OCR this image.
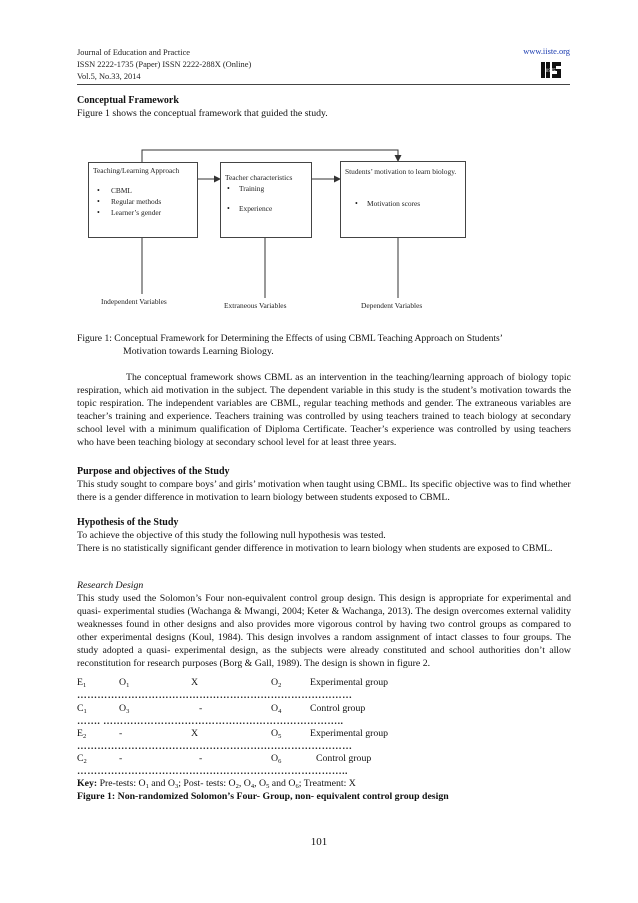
Journal of Education and Practice
ISSN 2222-1735 (Paper) ISSN 2222-288X (Online)
Vol.5, No.33, 2014
www.iiste.org
IISTE
Conceptual Framework
Figure 1 shows the conceptual framework that guided the study.
Teaching/Learning Approach
• CBML
• Regular methods
• Learner’s gender
Teacher characteristics
• Training
• Experience
Students’ motivation to learn biology.
• Motivation scores
Independent Variables	Extraneous Variables	Dependent Variables
Figure 1: Conceptual Framework for Determining the Effects of using CBML Teaching Approach on Students’
Motivation towards Learning Biology.
The conceptual framework shows CBML as an intervention in the teaching/learning approach of biology topic respiration, which aid motivation in the subject. The dependent variable in this study is the student’s motivation towards the topic respiration. The independent variables are CBML, regular teaching methods and gender. The extraneous variables are teacher’s training and experience. Teachers training was controlled by using teachers trained to teach biology at secondary school level with a minimum qualification of Diploma Certificate. Teacher’s experience was controlled by using teachers who have been teaching biology at secondary school level for at least three years.
Purpose and objectives of the Study
This study sought to compare boys’ and girls’ motivation when taught using CBML. Its specific objective was to find whether there is a gender difference in motivation to learn biology between students exposed to CBML.
Hypothesis of the Study
To achieve the objective of this study the following null hypothesis was tested.
There is no statistically significant gender difference in motivation to learn biology when students are exposed to CBML.
Research Design
This study used the Solomon’s Four non-equivalent control group design. This design is appropriate for experimental and quasi- experimental studies (Wachanga & Mwangi, 2004; Keter & Wachanga, 2013). The design overcomes external validity weaknesses found in other designs and also provides more vigorous control by having two control groups as compared to other experimental designs (Koul, 1984). This design involves a random assignment of intact classes to four groups. The study adopted a quasi- experimental design, as the subjects were already constituted and school authorities don’t allow reconstitution for research purposes (Borg & Gall, 1989). The design is shown in figure 2.
$E_1$	$O_1$	X	$O_2$	Experimental group
………………………………………………………………………
$C_1$	$O_3$	-	$O_4$	Control group
……. ……………………………………………………………..
$E_2$	-	X	$O_5$	Experimental group
………………………………………………………………………
$C_2$	-	-	$O_6$	Control group
……………………………………………………………………..
Key: Pre-tests: $O_1$ and $O_3$; Post- tests: $O_2$, $O_4$, $O_5$ and $O_6$; Treatment: X
Figure 1: Non-randomized Solomon’s Four- Group, non- equivalent control group design
101
